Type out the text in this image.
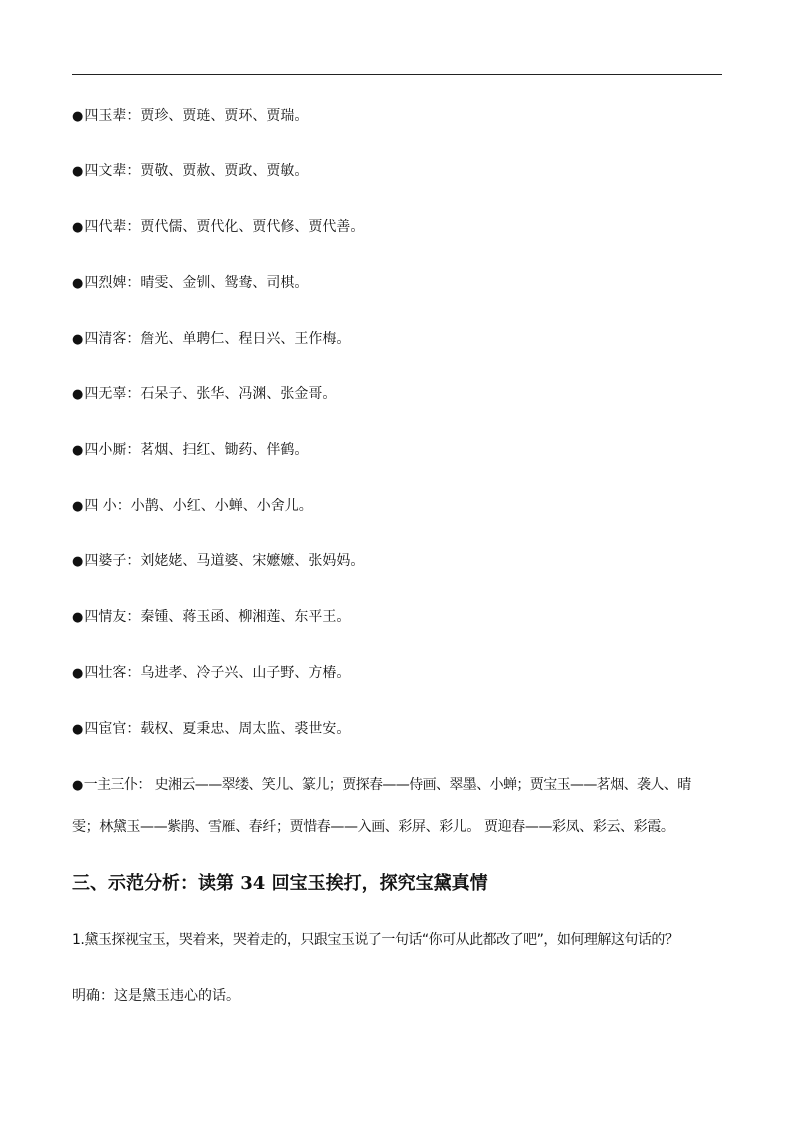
●四玉辈：贾珍、贾琏、贾环、贾瑞。
●四文辈：贾敬、贾赦、贾政、贾敏。
●四代辈：贾代儒、贾代化、贾代修、贾代善。
●四烈婢：晴雯、金钏、鸳鸯、司棋。
●四清客：詹光、单聘仁、程日兴、王作梅。
●四无辜：石呆子、张华、冯渊、张金哥。
●四小厮：茗烟、扫红、锄药、伴鹤。
●四 小：小鹊、小红、小蝉、小舍儿。
●四婆子：刘姥姥、马道婆、宋嬷嬷、张妈妈。
●四情友：秦锺、蒋玉函、柳湘莲、东平王。
●四壮客：乌进孝、冷子兴、山子野、方椿。
●四宦官：载权、夏秉忠、周太监、裘世安。
●一主三仆： 史湘云——翠缕、笑儿、篆儿；贾探春——侍画、翠墨、小蝉；贾宝玉——茗烟、袭人、晴
雯；林黛玉——紫鹃、雪雁、春纤；贾惜春——入画、彩屏、彩儿。 贾迎春——彩凤、彩云、彩霞。
三、示范分析：读第 34 回宝玉挨打，探究宝黛真情
1.黛玉探视宝玉，哭着来，哭着走的，只跟宝玉说了一句话“你可从此都改了吧”，如何理解这句话的？
明确：这是黛玉违心的话。
